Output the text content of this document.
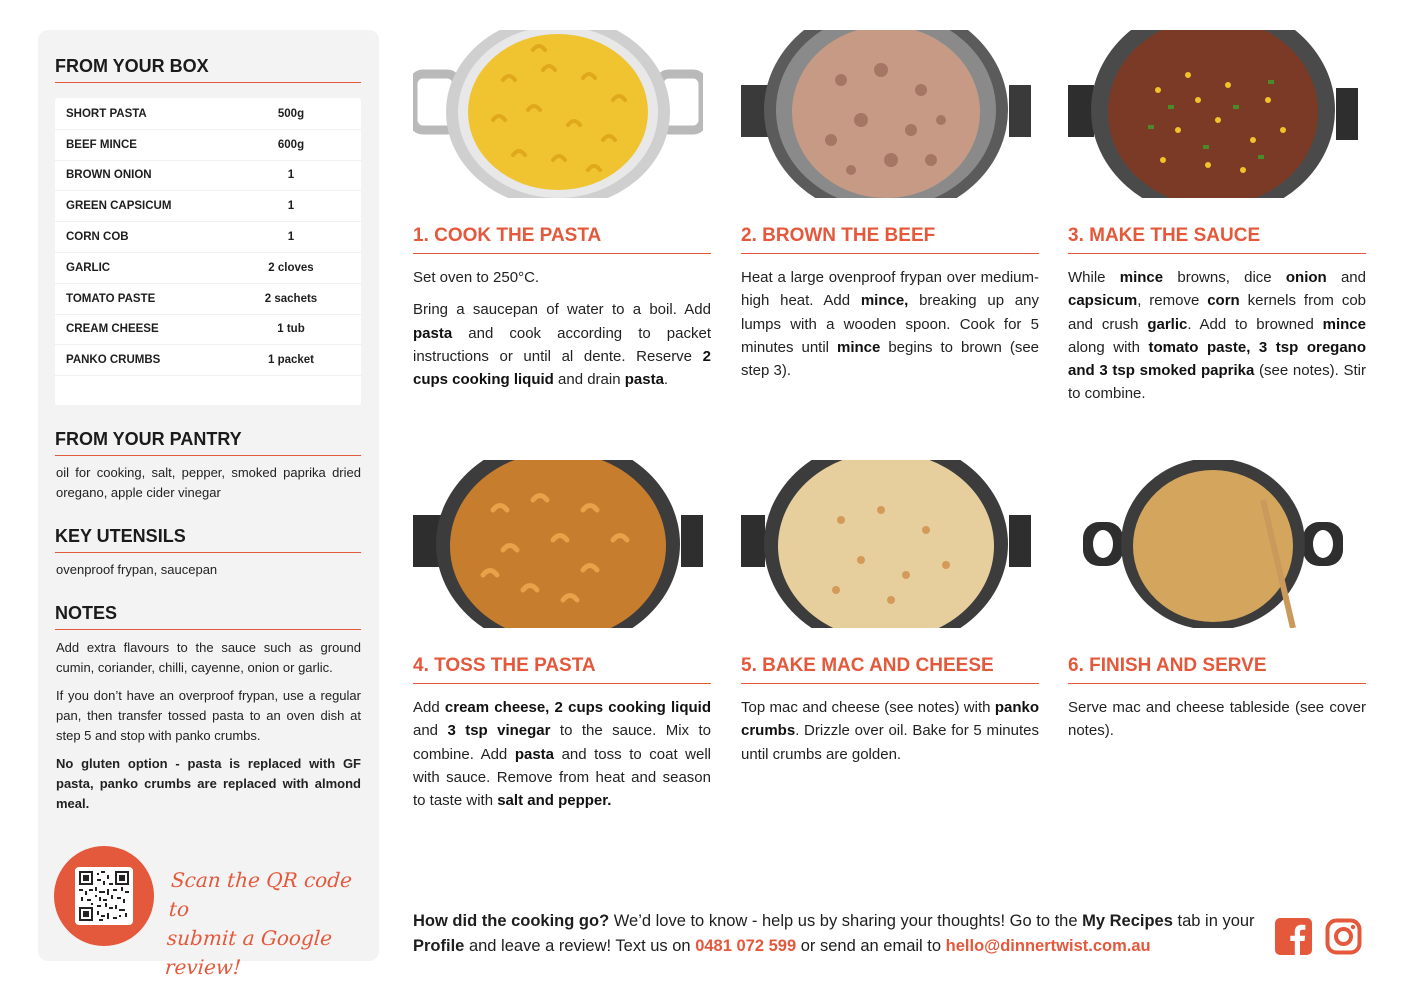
FROM YOUR BOX
SHORT PASTA	500g
BEEF MINCE	600g
BROWN ONION	1
GREEN CAPSICUM	1
CORN COB	1
GARLIC	2 cloves
TOMATO PASTE	2 sachets
CREAM CHEESE	1 tub
PANKO CRUMBS	1 packet
FROM YOUR PANTRY
oil for cooking, salt, pepper, smoked paprika dried oregano, apple cider vinegar
KEY UTENSILS
ovenproof frypan, saucepan
NOTES
Add extra flavours to the sauce such as ground cumin, coriander, chilli, cayenne, onion or garlic.
If you don’t have an overproof frypan, use a regular pan, then transfer tossed pasta to an oven dish at step 5 and stop with panko crumbs.
No gluten option - pasta is replaced with GF pasta, panko crumbs are replaced with almond meal.
Scan the QR code to
submit a Google review!
1. COOK THE PASTA

Set oven to 250°C.

Bring a saucepan of water to a boil. Add pasta and cook according to packet instructions or until al dente. Reserve 2 cups cooking liquid and drain pasta.

2. BROWN THE BEEF

Heat a large ovenproof frypan over medium-high heat. Add mince, breaking up any lumps with a wooden spoon. Cook for 5 minutes until mince begins to brown (see step 3).

3. MAKE THE SAUCE

While mince browns, dice onion and capsicum, remove corn kernels from cob and crush garlic. Add to browned mince along with tomato paste, 3 tsp oregano and 3 tsp smoked paprika (see notes). Stir to combine.

4. TOSS THE PASTA

Add cream cheese, 2 cups cooking liquid and 3 tsp vinegar to the sauce. Mix to combine. Add pasta and toss to coat well with sauce. Remove from heat and season to taste with salt and pepper.

5. BAKE MAC AND CHEESE

Top mac and cheese (see notes) with panko crumbs. Drizzle over oil. Bake for 5 minutes until crumbs are golden.

6. FINISH AND SERVE

Serve mac and cheese tableside (see cover notes).

How did the cooking go? We’d love to know - help us by sharing your thoughts! Go to the My Recipes tab in your Profile and leave a review! Text us on 0481 072 599 or send an email to hello@dinnertwist.com.au
